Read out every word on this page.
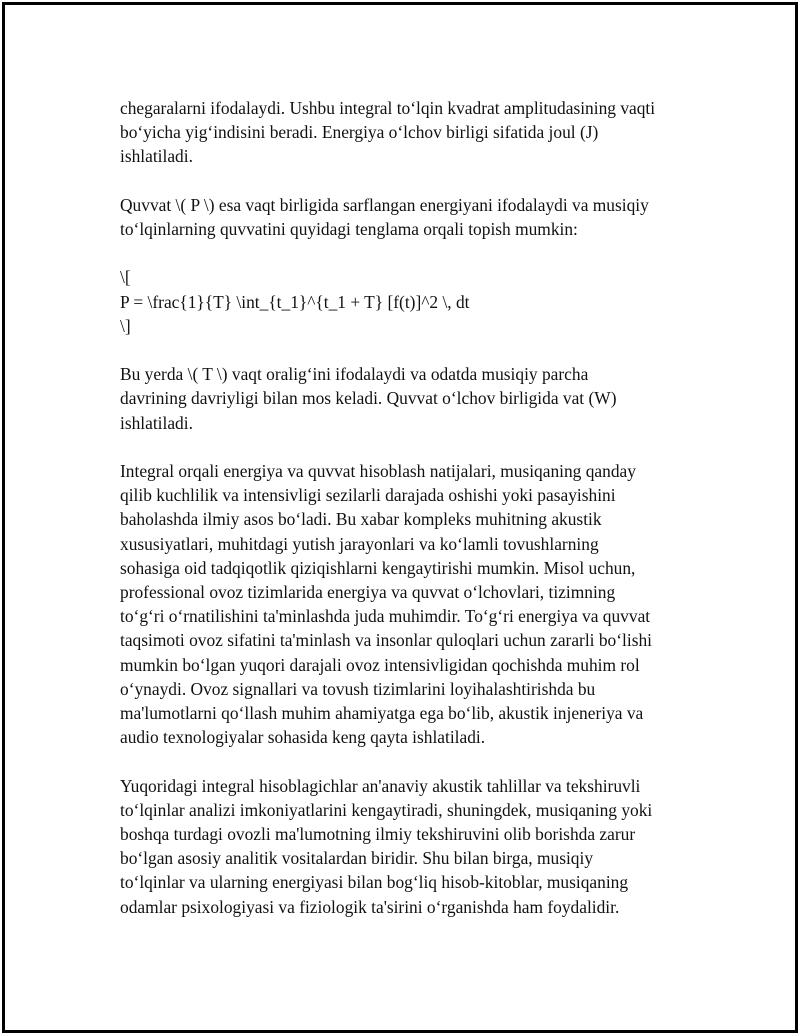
chegaralarni ifodalaydi. Ushbu integral to‘lqin kvadrat amplitudasining vaqti
bo‘yicha yig‘indisini beradi. Energiya o‘lchov birligi sifatida joul (J)
ishlatiladi.

Quvvat \( P \) esa vaqt birligida sarflangan energiyani ifodalaydi va musiqiy
to‘lqinlarning quvvatini quyidagi tenglama orqali topish mumkin:

\[
P = \frac{1}{T} \int_{t_1}^{t_1 + T} [f(t)]^2 \, dt
\]

Bu yerda \( T \) vaqt oralig‘ini ifodalaydi va odatda musiqiy parcha
davrining davriyligi bilan mos keladi. Quvvat o‘lchov birligida vat (W)
ishlatiladi.

Integral orqali energiya va quvvat hisoblash natijalari, musiqaning qanday
qilib kuchlilik va intensivligi sezilarli darajada oshishi yoki pasayishini
baholashda ilmiy asos bo‘ladi. Bu xabar kompleks muhitning akustik
xususiyatlari, muhitdagi yutish jarayonlari va ko‘lamli tovushlarning
sohasiga oid tadqiqotlik qiziqishlarni kengaytirishi mumkin. Misol uchun,
professional ovoz tizimlarida energiya va quvvat o‘lchovlari, tizimning
to‘g‘ri o‘rnatilishini ta'minlashda juda muhimdir. To‘g‘ri energiya va quvvat
taqsimoti ovoz sifatini ta'minlash va insonlar quloqlari uchun zararli bo‘lishi
mumkin bo‘lgan yuqori darajali ovoz intensivligidan qochishda muhim rol
o‘ynaydi. Ovoz signallari va tovush tizimlarini loyihalashtirishda bu
ma'lumotlarni qo‘llash muhim ahamiyatga ega bo‘lib, akustik injeneriya va
audio texnologiyalar sohasida keng qayta ishlatiladi.

Yuqoridagi integral hisoblagichlar an'anaviy akustik tahlillar va tekshiruvli
to‘lqinlar analizi imkoniyatlarini kengaytiradi, shuningdek, musiqaning yoki
boshqa turdagi ovozli ma'lumotning ilmiy tekshiruvini olib borishda zarur
bo‘lgan asosiy analitik vositalardan biridir. Shu bilan birga, musiqiy
to‘lqinlar va ularning energiyasi bilan bog‘liq hisob-kitoblar, musiqaning
odamlar psixologiyasi va fiziologik ta'sirini o‘rganishda ham foydalidir.
